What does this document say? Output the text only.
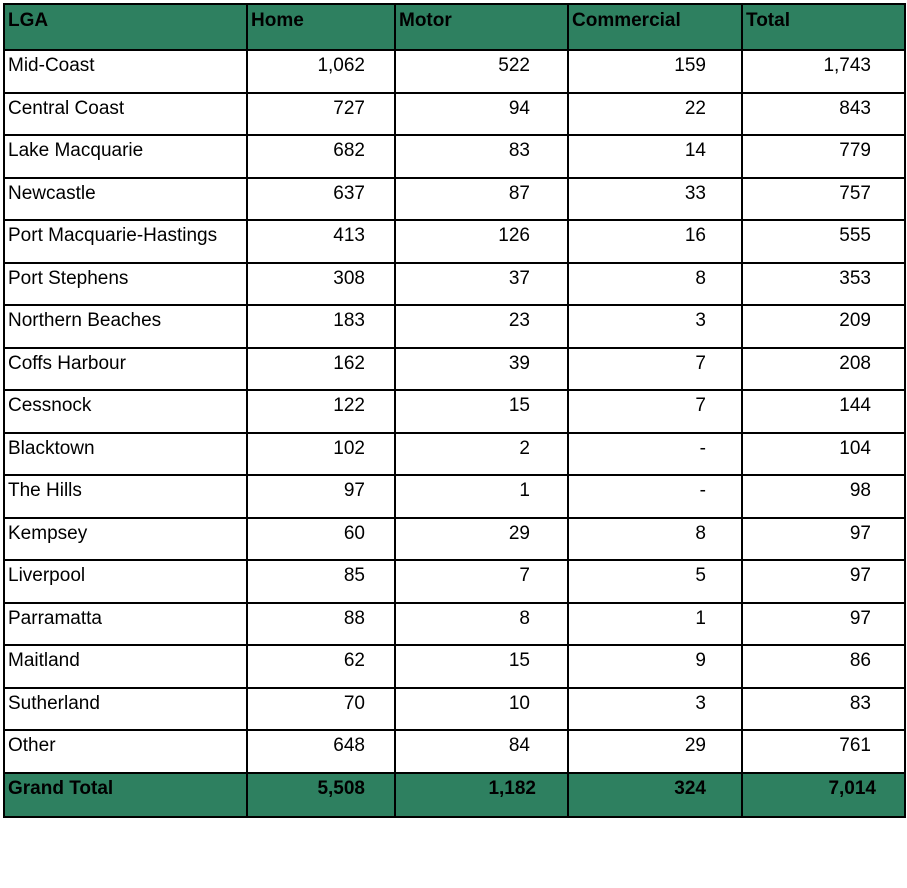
LGA	Home	Motor	Commercial	Total
Mid-Coast	1,062	522	159	1,743
Central Coast	727	94	22	843
Lake Macquarie	682	83	14	779
Newcastle	637	87	33	757
Port Macquarie-Hastings	413	126	16	555
Port Stephens	308	37	8	353
Northern Beaches	183	23	3	209
Coffs Harbour	162	39	7	208
Cessnock	122	15	7	144
Blacktown	102	2	-	104
The Hills	97	1	-	98
Kempsey	60	29	8	97
Liverpool	85	7	5	97
Parramatta	88	8	1	97
Maitland	62	15	9	86
Sutherland	70	10	3	83
Other	648	84	29	761
Grand Total	5,508	1,182	324	7,014
